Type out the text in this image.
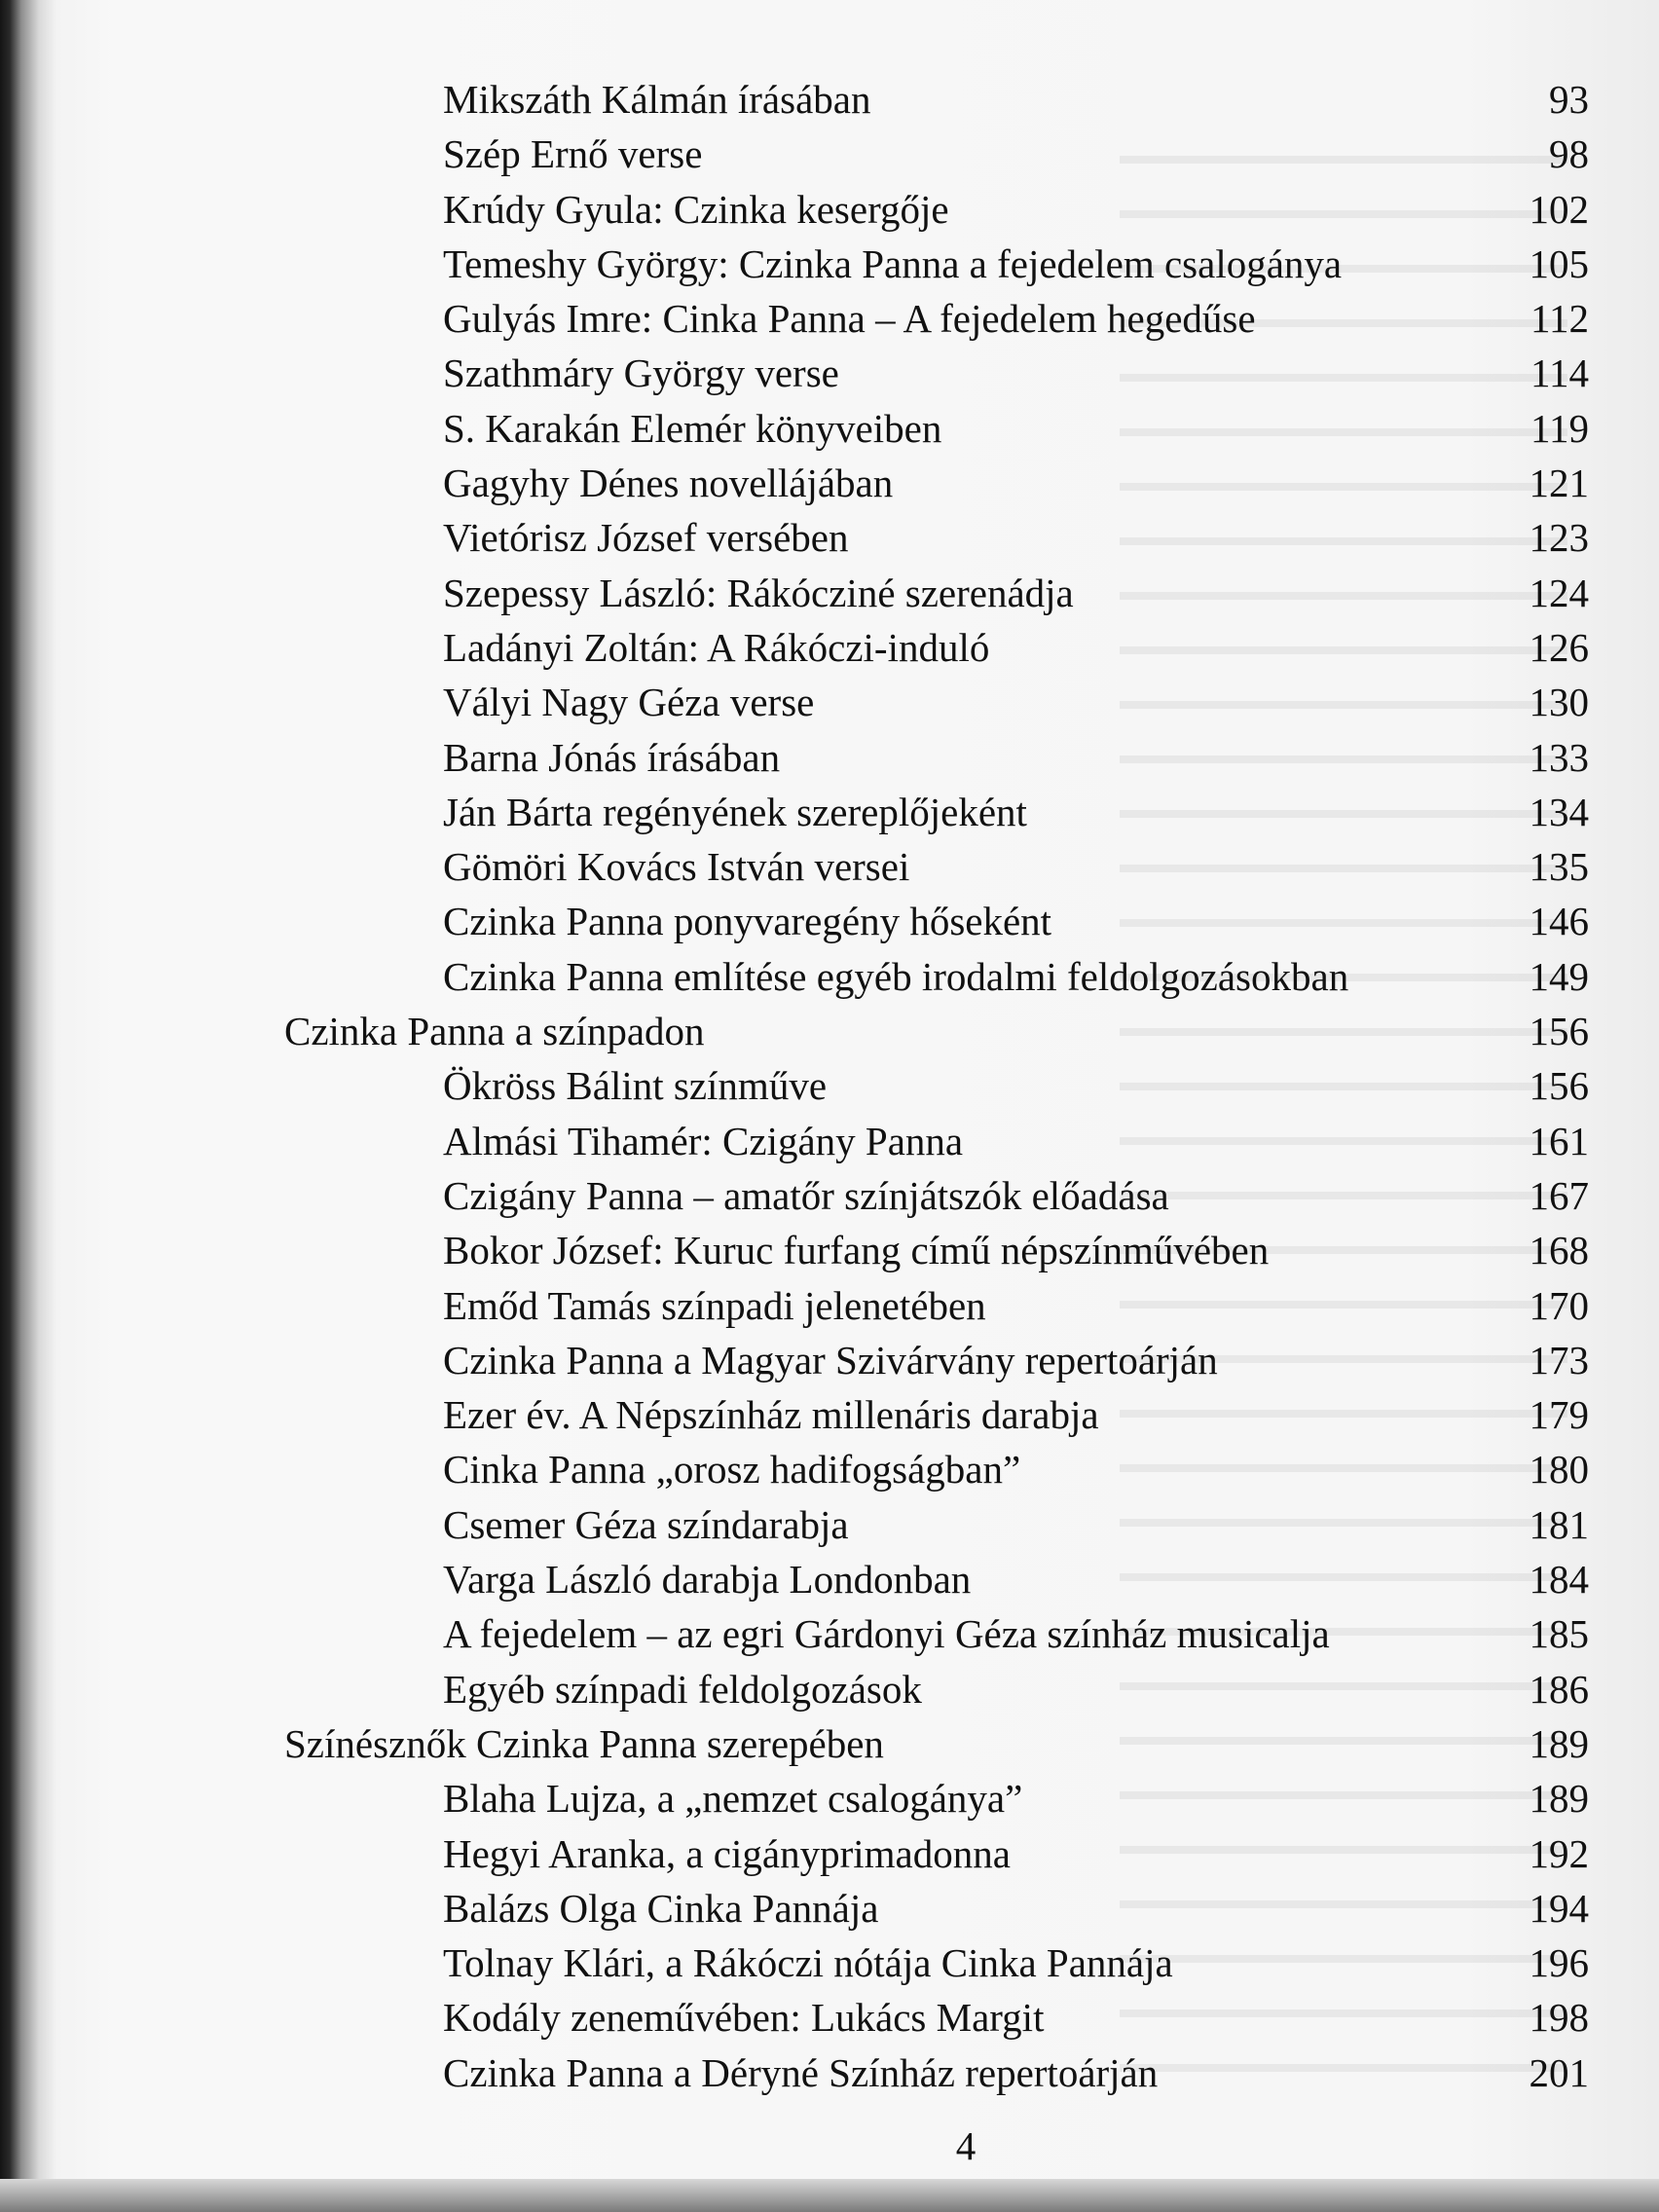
Mikszáth Kálmán írásában	93
Szép Ernő verse	98
Krúdy Gyula: Czinka kesergője	102
Temeshy György: Czinka Panna a fejedelem csalogánya	105
Gulyás Imre: Cinka Panna – A fejedelem hegedűse	112
Szathmáry György verse	114
S. Karakán Elemér könyveiben	119
Gagyhy Dénes novellájában	121
Vietórisz József versében	123
Szepessy László: Rákócziné szerenádja	124
Ladányi Zoltán: A Rákóczi-induló	126
Vályi Nagy Géza verse	130
Barna Jónás írásában	133
Ján Bárta regényének szereplőjeként	134
Gömöri Kovács István versei	135
Czinka Panna ponyvaregény hőseként	146
Czinka Panna említése egyéb irodalmi feldolgozásokban	149
Czinka Panna a színpadon	156
Ökröss Bálint színműve	156
Almási Tihamér: Czigány Panna	161
Czigány Panna – amatőr színjátszók előadása	167
Bokor József: Kuruc furfang című népszínművében	168
Emőd Tamás színpadi jelenetében	170
Czinka Panna a Magyar Szivárvány repertoárján	173
Ezer év. A Népszínház millenáris darabja	179
Cinka Panna „orosz hadifogságban”	180
Csemer Géza színdarabja	181
Varga László darabja Londonban	184
A fejedelem – az egri Gárdonyi Géza színház musicalja	185
Egyéb színpadi feldolgozások	186
Színésznők Czinka Panna szerepében	189
Blaha Lujza, a „nemzet csalogánya”	189
Hegyi Aranka, a cigányprimadonna	192
Balázs Olga Cinka Pannája	194
Tolnay Klári, a Rákóczi nótája Cinka Pannája	196
Kodály zeneművében: Lukács Margit	198
Czinka Panna a Déryné Színház repertoárján	201
4
